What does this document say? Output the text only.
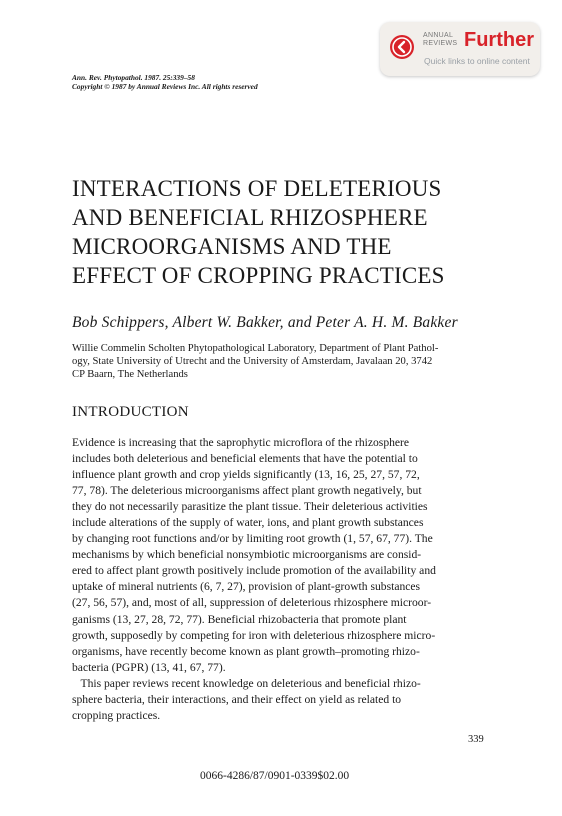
ANNUAL
REVIEWS Further
Quick links to online content
Ann. Rev. Phytopathol. 1987. 25:339–58
Copyright © 1987 by Annual Reviews Inc. All rights reserved
INTERACTIONS OF DELETERIOUS
AND BENEFICIAL RHIZOSPHERE
MICROORGANISMS AND THE
EFFECT OF CROPPING PRACTICES
Bob Schippers, Albert W. Bakker, and Peter A. H. M. Bakker
Willie Commelin Scholten Phytopathological Laboratory, Department of Plant Pathol-
ogy, State University of Utrecht and the University of Amsterdam, Javalaan 20, 3742
CP Baarn, The Netherlands
INTRODUCTION
Evidence is increasing that the saprophytic microflora of the rhizosphere
includes both deleterious and beneficial elements that have the potential to
influence plant growth and crop yields significantly (13, 16, 25, 27, 57, 72,
77, 78). The deleterious microorganisms affect plant growth negatively, but
they do not necessarily parasitize the plant tissue. Their deleterious activities
include alterations of the supply of water, ions, and plant growth substances
by changing root functions and/or by limiting root growth (1, 57, 67, 77). The
mechanisms by which beneficial nonsymbiotic microorganisms are consid-
ered to affect plant growth positively include promotion of the availability and
uptake of mineral nutrients (6, 7, 27), provision of plant-growth substances
(27, 56, 57), and, most of all, suppression of deleterious rhizosphere microor-
ganisms (13, 27, 28, 72, 77). Beneficial rhizobacteria that promote plant
growth, supposedly by competing for iron with deleterious rhizosphere micro-
organisms, have recently become known as plant growth–promoting rhizo-
bacteria (PGPR) (13, 41, 67, 77).
This paper reviews recent knowledge on deleterious and beneficial rhizo-
sphere bacteria, their interactions, and their effect on yield as related to
cropping practices.
339
0066-4286/87/0901-0339$02.00
